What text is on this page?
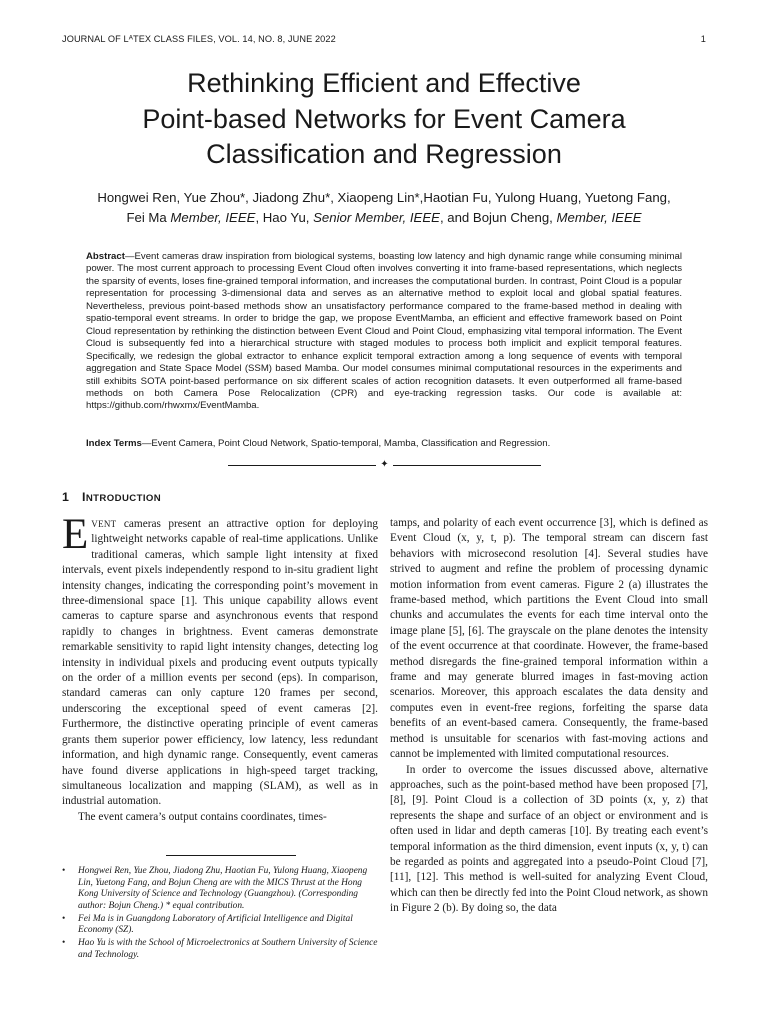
JOURNAL OF LᴬTEX CLASS FILES, VOL. 14, NO. 8, JUNE 2022	1
Rethinking Efficient and Effective
Point-based Networks for Event Camera
Classification and Regression
Hongwei Ren, Yue Zhou*, Jiadong Zhu*, Xiaopeng Lin*,Haotian Fu, Yulong Huang, Yuetong Fang,
Fei Ma Member, IEEE, Hao Yu, Senior Member, IEEE, and Bojun Cheng, Member, IEEE
Abstract—Event cameras draw inspiration from biological systems, boasting low latency and high dynamic range while consuming minimal power. The most current approach to processing Event Cloud often involves converting it into frame-based representations, which neglects the sparsity of events, loses fine-grained temporal information, and increases the computational burden. In contrast, Point Cloud is a popular representation for processing 3-dimensional data and serves as an alternative method to exploit local and global spatial features. Nevertheless, previous point-based methods show an unsatisfactory performance compared to the frame-based method in dealing with spatio-temporal event streams. In order to bridge the gap, we propose EventMamba, an efficient and effective framework based on Point Cloud representation by rethinking the distinction between Event Cloud and Point Cloud, emphasizing vital temporal information. The Event Cloud is subsequently fed into a hierarchical structure with staged modules to process both implicit and explicit temporal features. Specifically, we redesign the global extractor to enhance explicit temporal extraction among a long sequence of events with temporal aggregation and State Space Model (SSM) based Mamba. Our model consumes minimal computational resources in the experiments and still exhibits SOTA point-based performance on six different scales of action recognition datasets. It even outperformed all frame-based methods on both Camera Pose Relocalization (CPR) and eye-tracking regression tasks. Our code is available at: https://github.com/rhwxmx/EventMamba.
Index Terms—Event Camera, Point Cloud Network, Spatio-temporal, Mamba, Classification and Regression.
✦
1 INTRODUCTION

EVENT cameras present an attractive option for deploying lightweight networks capable of real-time applications. Unlike traditional cameras, which sample light intensity at fixed intervals, event pixels independently respond to in-situ gradient light intensity changes, indicating the corresponding point’s movement in three-dimensional space [1]. This unique capability allows event cameras to capture sparse and asynchronous events that respond rapidly to changes in brightness. Event cameras demonstrate remarkable sensitivity to rapid light intensity changes, detecting log intensity in individual pixels and producing event outputs typically on the order of a million events per second (eps). In comparison, standard cameras can only capture 120 frames per second, underscoring the exceptional speed of event cameras [2]. Furthermore, the distinctive operating principle of event cameras grants them superior power efficiency, low latency, less redundant information, and high dynamic range. Consequently, event cameras have found diverse applications in high-speed target tracking, simultaneous localization and mapping (SLAM), as well as in industrial automation.

The event camera’s output contains coordinates, times-

• Hongwei Ren, Yue Zhou, Jiadong Zhu, Haotian Fu, Yulong Huang, Xiaopeng Lin, Yuetong Fang, and Bojun Cheng are with the MICS Thrust at the Hong Kong University of Science and Technology (Guangzhou). (Corresponding author: Bojun Cheng.) * equal contribution.
• Fei Ma is in Guangdong Laboratory of Artificial Intelligence and Digital Economy (SZ).
• Hao Yu is with the School of Microelectronics at Southern University of Science and Technology.

tamps, and polarity of each event occurrence [3], which is defined as Event Cloud (x, y, t, p). The temporal stream can discern fast behaviors with microsecond resolution [4]. Several studies have strived to augment and refine the problem of processing dynamic motion information from event cameras. Figure 2 (a) illustrates the frame-based method, which partitions the Event Cloud into small chunks and accumulates the events for each time interval onto the image plane [5], [6]. The grayscale on the plane denotes the intensity of the event occurrence at that coordinate. However, the frame-based method disregards the fine-grained temporal information within a frame and may generate blurred images in fast-moving action scenarios. Moreover, this approach escalates the data density and computes even in event-free regions, forfeiting the sparse data benefits of an event-based camera. Consequently, the frame-based method is unsuitable for scenarios with fast-moving actions and cannot be implemented with limited computational resources.

In order to overcome the issues discussed above, alternative approaches, such as the point-based method have been proposed [7], [8], [9]. Point Cloud is a collection of 3D points (x, y, z) that represents the shape and surface of an object or environment and is often used in lidar and depth cameras [10]. By treating each event’s temporal information as the third dimension, event inputs (x, y, t) can be regarded as points and aggregated into a pseudo-Point Cloud [7], [11], [12]. This method is well-suited for analyzing Event Cloud, which can then be directly fed into the Point Cloud network, as shown in Figure 2 (b). By doing so, the data
